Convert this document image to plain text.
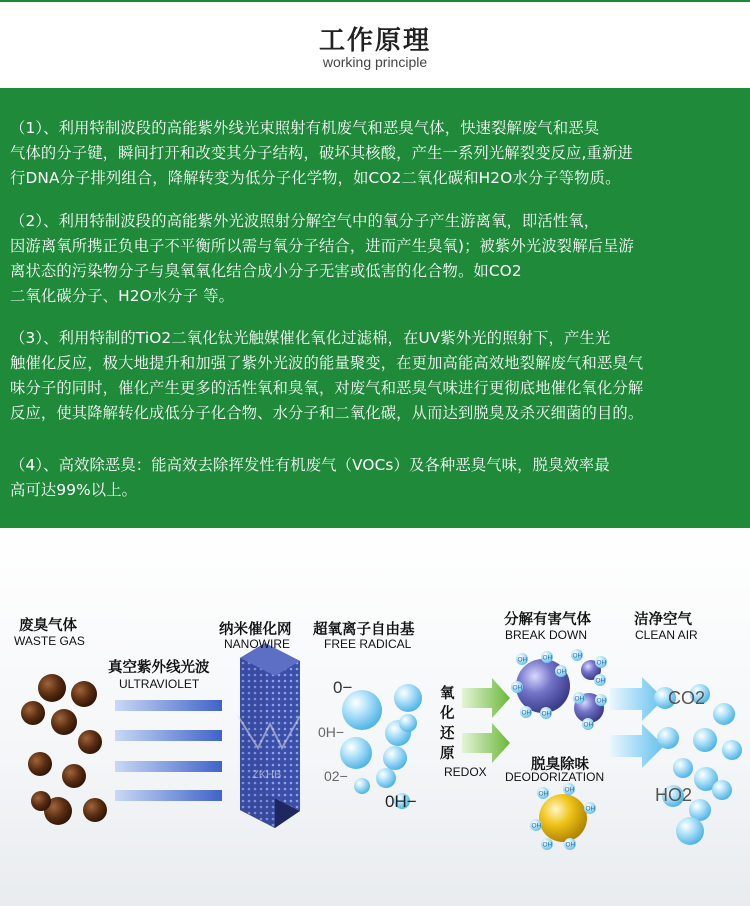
工作原理
working principle
（1）、利用特制波段的高能紫外线光束照射有机废气和恶臭气体，快速裂解废气和恶臭
气体的分子键，瞬间打开和改变其分子结构，破坏其核酸，产生一系列光解裂变反应,重新进
行DNA分子排列组合，降解转变为低分子化学物，如CO2二氧化碳和H2O水分子等物质。
（2）、利用特制波段的高能紫外光波照射分解空气中的氧分子产生游离氧，即活性氧，
因游离氧所携正负电子不平衡所以需与氧分子结合，进而产生臭氧)；被紫外光波裂解后呈游
离状态的污染物分子与臭氧氧化结合成小分子无害或低害的化合物。如CO2
二氧化碳分子、H2O水分子 等。
（3）、利用特制的TiO2二氧化钛光触媒催化氧化过滤棉，在UV紫外光的照射下，产生光
触催化反应，极大地提升和加强了紫外光波的能量聚变，在更加高能高效地裂解废气和恶臭气
味分子的同时，催化产生更多的活性氧和臭氧，对废气和恶臭气味进行更彻底地催化氧化分解
反应，使其降解转化成低分子化合物、水分子和二氧化碳，从而达到脱臭及杀灭细菌的目的。
（4）、高效除恶臭：能高效去除挥发性有机废气（VOCs）及各种恶臭气味，脱臭效率最
高可达99%以上。
ZKHB
OH OH
OH
OH
OH OH
OH
OH
OH
OH OH
OH
OH
OH
OH
OH
OH OH
废臭气体
WASTE GAS
真空紫外线光波
ULTRAVIOLET
纳米催化网
NANOWIRE
超氧离子自由基
FREE RADICAL
分解有害气体
BREAK DOWN
洁净空气
CLEAN AIR
氧
化
还
原
REDOX	脱臭除味
DEODORIZATION
0−
0H−
02−
0H−
CO2
HO2
